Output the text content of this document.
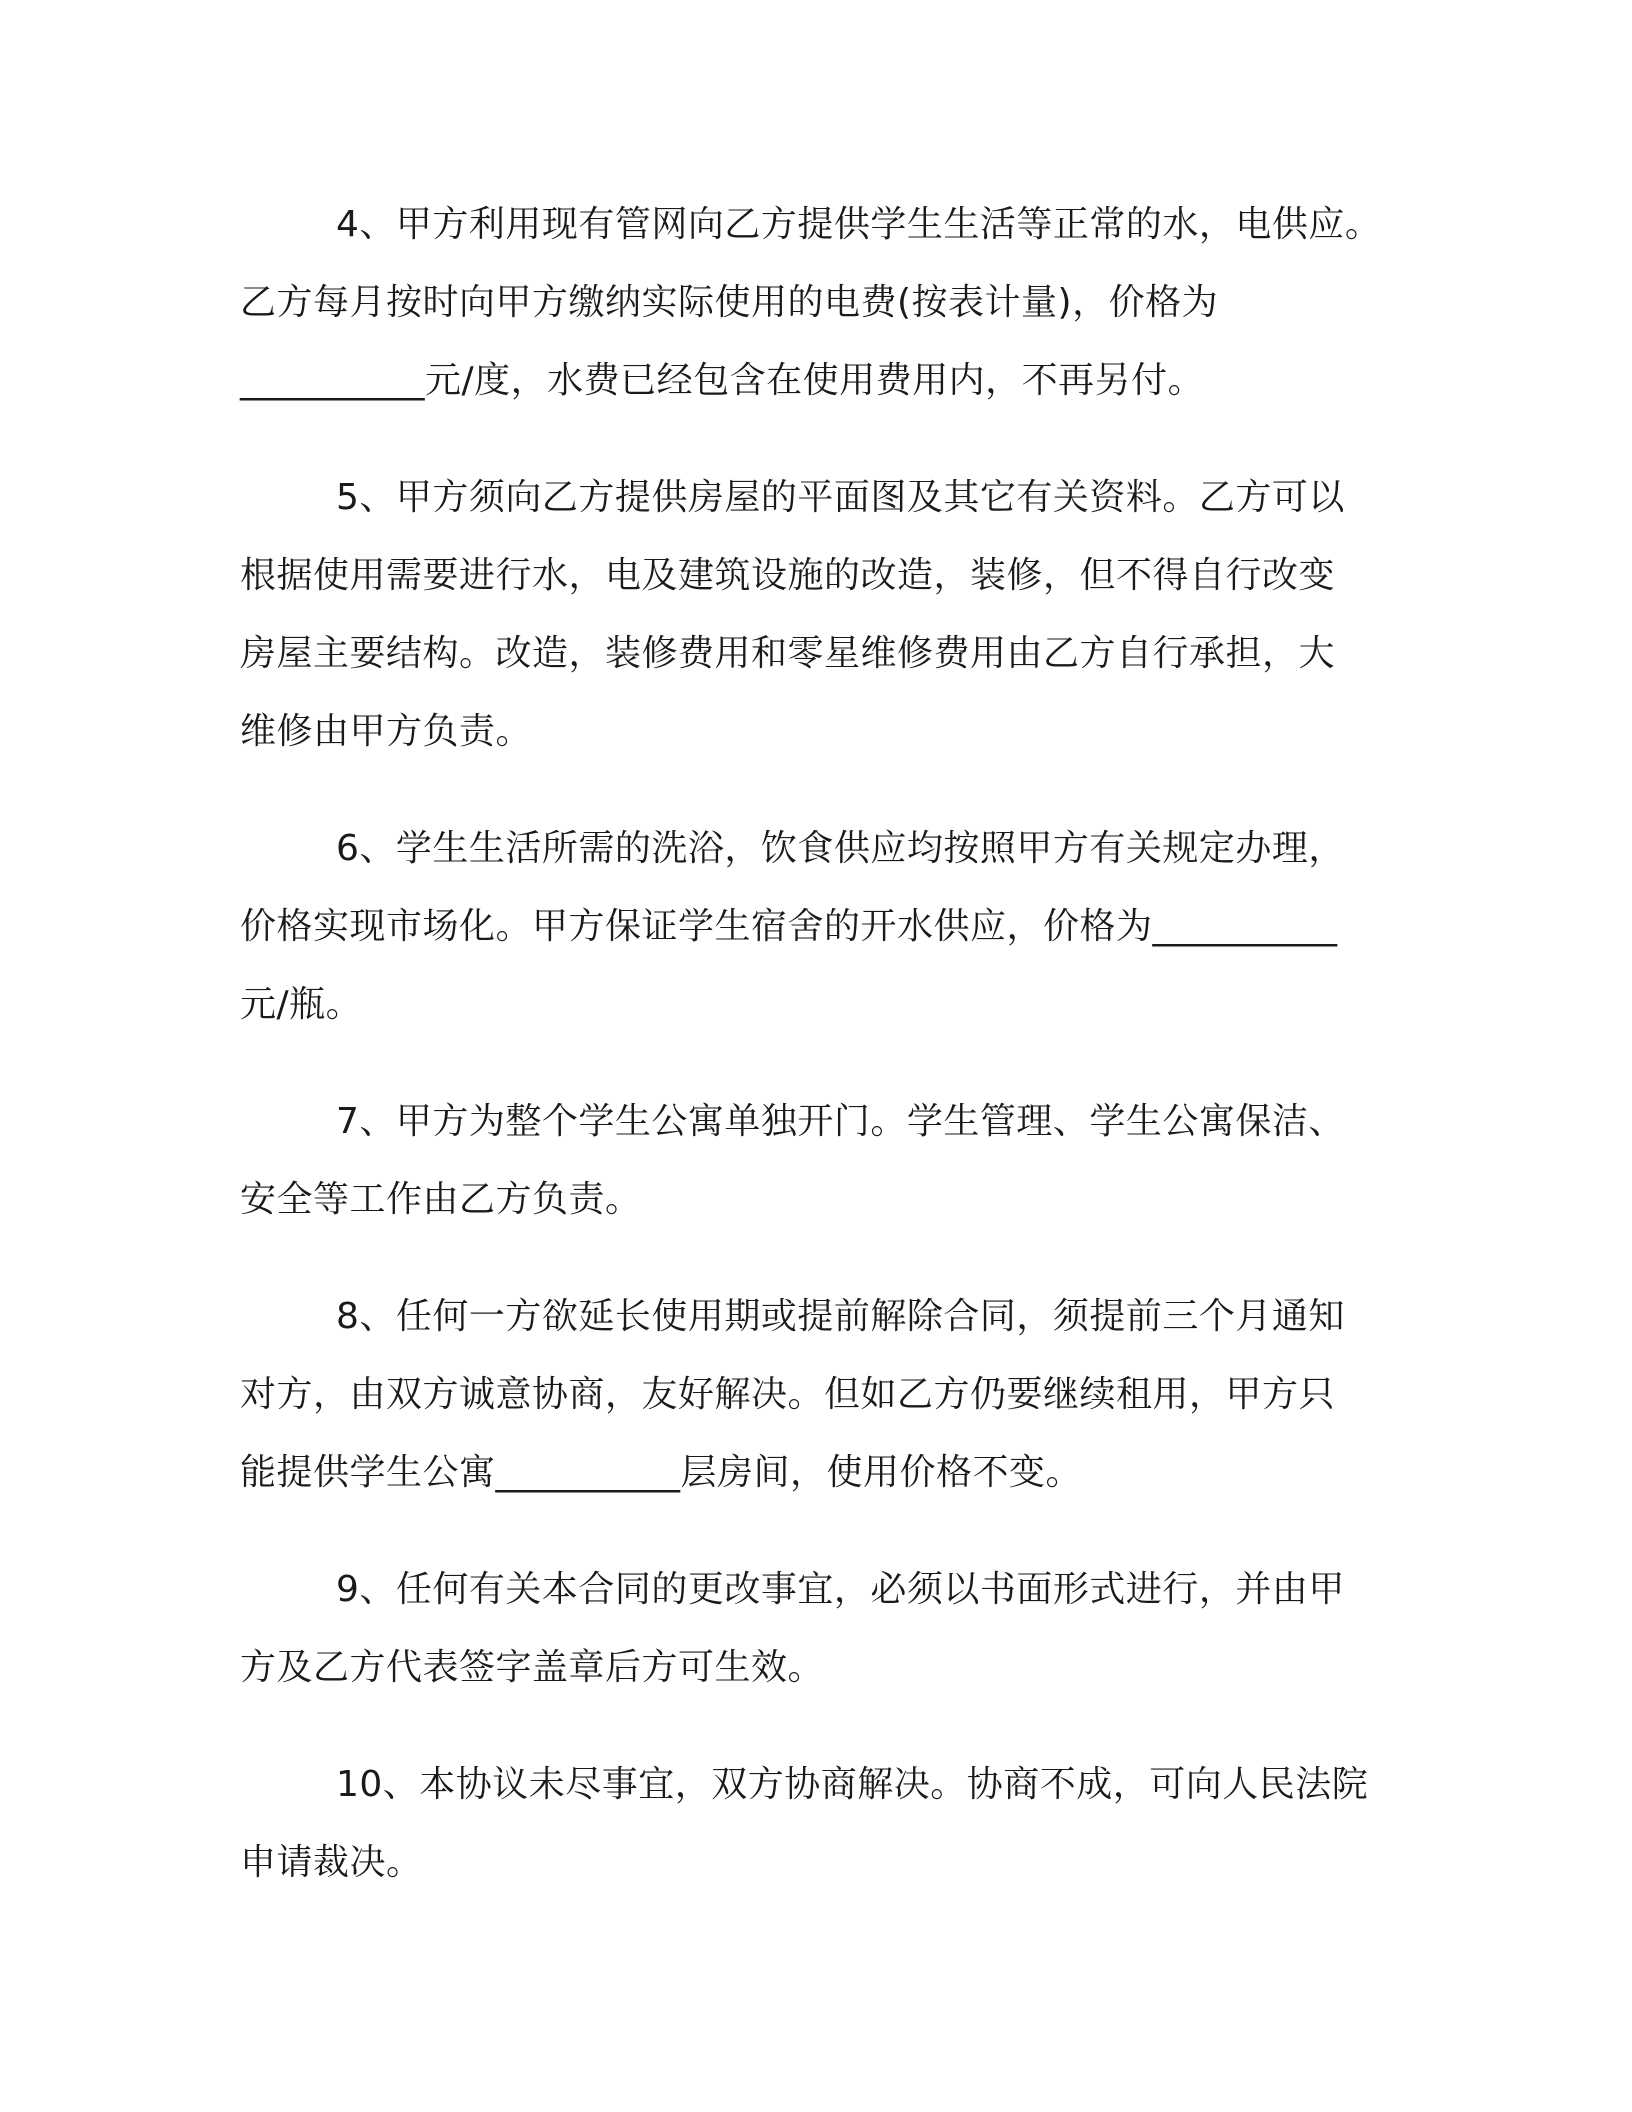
4、甲方利用现有管网向乙方提供学生生活等正常的水，电供应。
乙方每月按时向甲方缴纳实际使用的电费(按表计量)，价格为
__________元/度，水费已经包含在使用费用内，不再另付。
5、甲方须向乙方提供房屋的平面图及其它有关资料。乙方可以
根据使用需要进行水，电及建筑设施的改造，装修，但不得自行改变
房屋主要结构。改造，装修费用和零星维修费用由乙方自行承担，大
维修由甲方负责。
6、学生生活所需的洗浴，饮食供应均按照甲方有关规定办理，
价格实现市场化。甲方保证学生宿舍的开水供应，价格为__________
元/瓶。
7、甲方为整个学生公寓单独开门。学生管理、学生公寓保洁、
安全等工作由乙方负责。
8、任何一方欲延长使用期或提前解除合同，须提前三个月通知
对方，由双方诚意协商，友好解决。但如乙方仍要继续租用，甲方只
能提供学生公寓__________层房间，使用价格不变。
9、任何有关本合同的更改事宜，必须以书面形式进行，并由甲
方及乙方代表签字盖章后方可生效。
10、本协议未尽事宜，双方协商解决。协商不成，可向人民法院
申请裁决。
